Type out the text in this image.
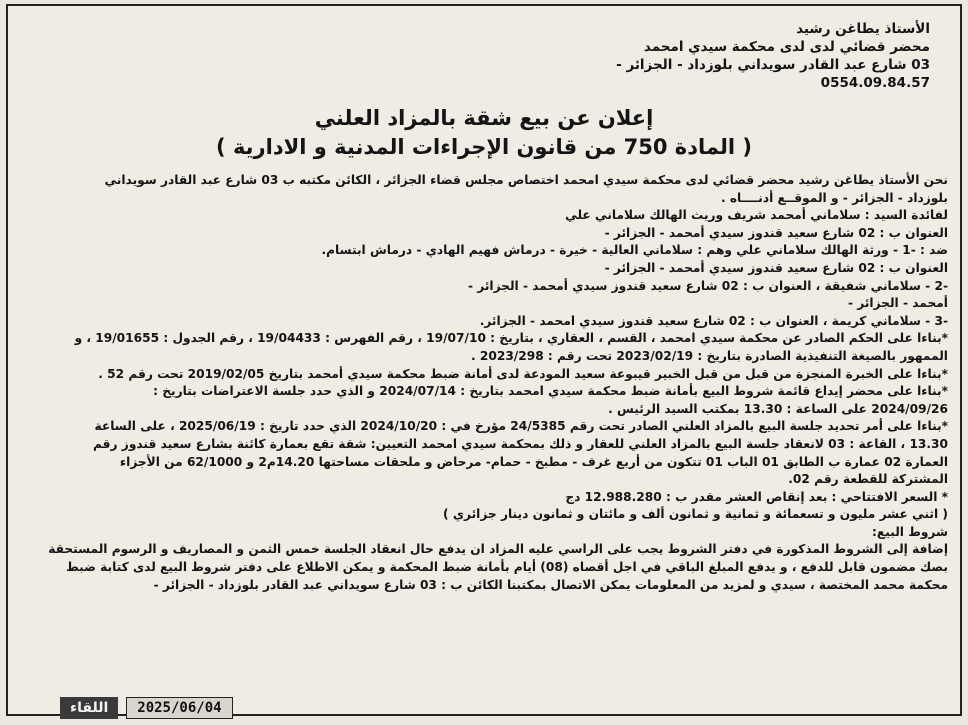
الأستاذ يطاغن رشيد
محضر قضائي لدى لدى محكمة سيدي امحمد
03 شارع عبد القادر سويداني بلوزداد - الجزائر -
0554.09.84.57
إعلان عن بيع شقة بالمزاد العلني
( المادة 750 من قانون الإجراءات المدنية و الادارية )

نحن الأستاذ يطاغن رشيد محضر قضائي لدى محكمة سيدي امحمد اختصاص مجلس قضاء الجزائر ، الكائن مكتبه ب 03 شارع عبد القادر سويداني

بلوزداد - الجزائر - و الموقــع أدنــــاه .

لفائدة السيد : سلاماني أمحمد شريف وريث الهالك سلاماني علي

العنوان ب : 02 شارع سعيد قندوز سيدي أمحمد - الجزائر -

ضد : -1 - ورثة الهالك سلاماني علي وهم : سلاماني العالية - خيرة - درماش فهيم الهادي - درماش ابتسام.

العنوان ب : 02 شارع سعيد قندوز سيدي أمحمد - الجزائر -

-2 - سلاماني شفيقة ، العنوان ب : 02 شارع سعيد قندوز سيدي أمحمد - الجزائر -

أمحمد - الجزائر -

-3 - سلاماني كريمة ، العنوان ب : 02 شارع سعيد قندوز سيدي امحمد - الجزائر.

*بناءا على الحكم الصادر عن محكمة سيدي امحمد ، القسم ، العقاري ، بتاريخ : 19/07/10 ، رقم الفهرس : 19/04433 ، رقم الجدول : 19/01655 ، و

الممهور بالصيغة التنفيذية الصادرة بتاريخ : 2023/02/19 تحت رقم : 2023/298 .

*بناءا على الخبرة المنجزة من قبل من قبل الخبير قيبوعة سعيد المودعة لدى أمانة ضبط محكمة سيدي أمحمد بتاريخ 2019/02/05 تحت رقم 52 .

*بناءا على محضر إيداع قائمة شروط البيع بأمانة ضبط محكمة سيدي امحمد بتاريخ : 2024/07/14 و الذي حدد جلسة الاعتراضات بتاريخ :

2024/09/26 على الساعة : 13.30 بمكتب السيد الرئيس .

*بناءا على أمر تحديد جلسة البيع بالمزاد العلني الصادر تحت رقم 24/5385 مؤرخ في : 2024/10/20 الذي حدد تاريخ : 2025/06/19 ، على الساعة

13.30 ، القاعة : 03 لانعقاد جلسة البيع بالمزاد العلني للعقار و ذلك بمحكمة سيدي امحمد التعيين: شقة تقع بعمارة كائنة بشارع سعيد قندوز رقم

العمارة 02 عمارة ب الطابق 01 الباب 01 تتكون من أربع غرف - مطبخ - حمام- مرحاض و ملحقات مساحتها 14.20م2 و 62/1000 من الأجزاء

المشتركة للقطعة رقم 02.

* السعر الافتتاحي : بعد إنقاص العشر مقدر ب : 12.988.280 دج

( اثني عشر مليون و تسعمائة و ثمانية و ثمانون ألف و مائتان و ثمانون دينار جزائري )

شروط البيع:

إضافة إلى الشروط المذكورة في دفتر الشروط يجب على الراسي عليه المزاد ان يدفع حال انعقاد الجلسة خمس الثمن و المصاريف و الرسوم المستحقة

بصك مضمون قابل للدفع ، و يدفع المبلغ الباقي في اجل أقصاه (08) أيام بأمانة ضبط المحكمة و يمكن الاطلاع على دفتر شروط البيع لدى كتابة ضبط

محكمة محمد المختصة ، سيدي و لمزيد من المعلومات يمكن الاتصال بمكتبنا الكائن ب : 03 شارع سويداني عبد القادر بلوزداد - الجزائر -

اللقاء	2025/06/04
